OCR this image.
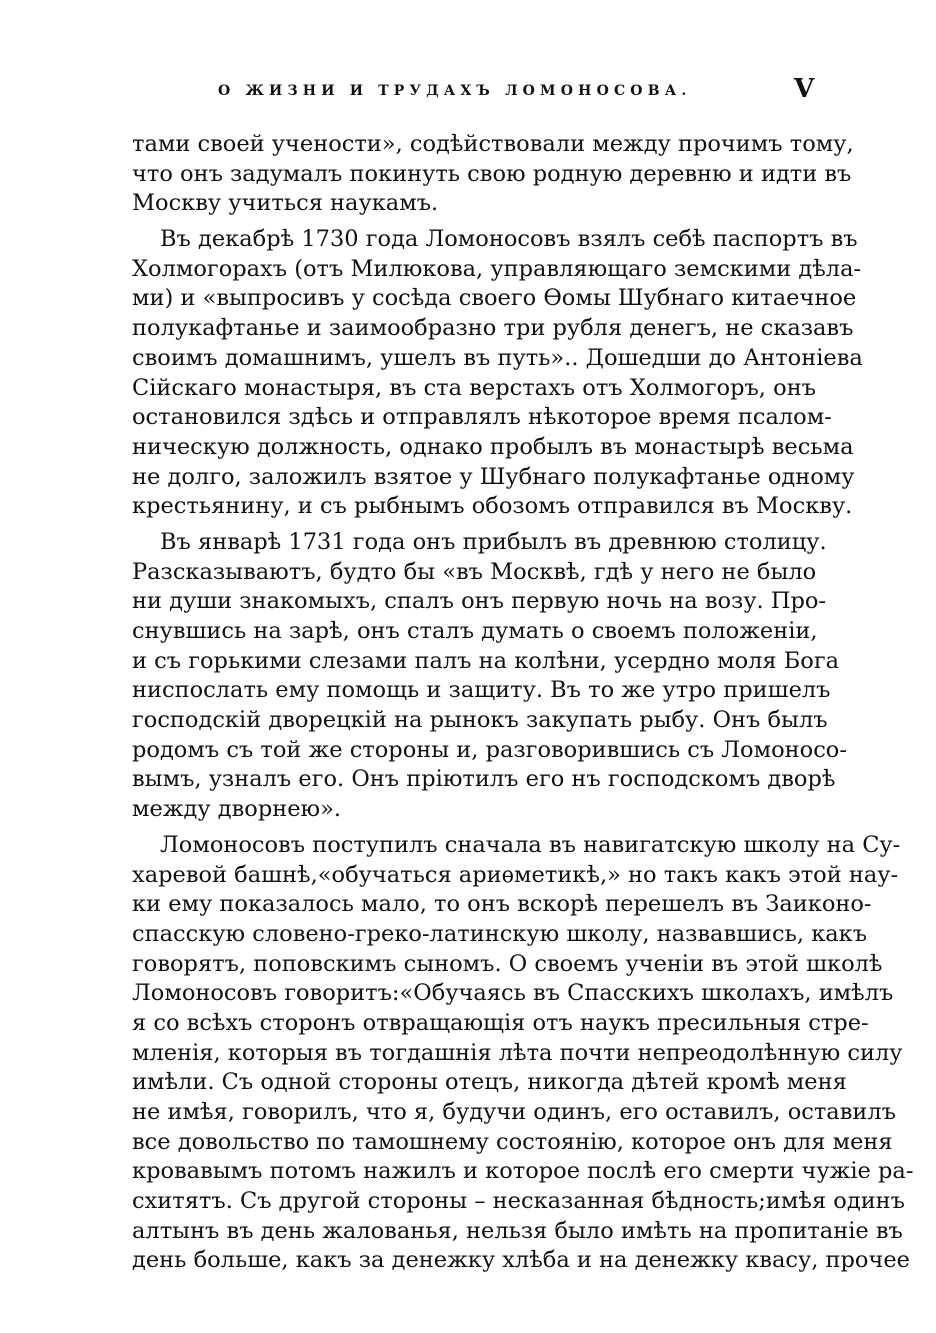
О ЖИЗНИ И ТРУДАХЪ ЛОМОНОСОВА.	V
тами своей учености», содѣйствовали между прочимъ тому,
что онъ задумалъ покинуть свою родную деревню и идти въ
Москву учиться наукамъ.
Въ декабрѣ 1730 года Ломоносовъ взялъ себѣ паспортъ въ
Холмогорахъ (отъ Милюкова, управляющаго земскими дѣла-
ми) и «выпросивъ у сосѣда своего Ѳомы Шубнаго китаечное
полукафтанье и заимообразно три рубля денегъ, не сказавъ
своимъ домашнимъ, ушелъ въ путь».. Дошедши до Антонiева
Сiйскаго монастыря, въ ста верстахъ отъ Холмогоръ, онъ
остановился здѣсь и отправлялъ нѣкоторое время псалом-
ническую должность, однако пробылъ въ монастырѣ весьма
не долго, заложилъ взятое у Шубнаго полукафтанье одному
крестьянину, и съ рыбнымъ обозомъ отправился въ Москву.
Въ январѣ 1731 года онъ прибылъ въ древнюю столицу.
Разсказываютъ, будто бы «въ Москвѣ, гдѣ у него не было
ни души знакомыхъ, спалъ онъ первую ночь на возу. Про-
снувшись на зарѣ, онъ сталъ думать о своемъ положенiи,
и съ горькими слезами палъ на колѣни, усердно моля Бога
ниспослать ему помощь и защиту. Въ то же утро пришелъ
господскiй дворецкiй на рынокъ закупать рыбу. Онъ былъ
родомъ съ той же стороны и, разговорившись съ Ломоносо-
вымъ, узналъ его. Онъ прiютилъ его нъ господскомъ дворѣ
между дворнею».
Ломоносовъ поступилъ сначала въ навигатскую школу на Су-
харевой башнѣ,«обучаться ариѳметикѣ,» но такъ какъ этой нау-
ки ему показалось мало, то онъ вскорѣ перешелъ въ Заиконо-
спасскую словено-греко-латинскую школу, назвавшись, какъ
говорятъ, поповскимъ сыномъ. О своемъ ученiи въ этой школѣ
Ломоносовъ говоритъ:«Обучаясь въ Спасскихъ школахъ, имѣлъ
я со всѣхъ сторонъ отвращающiя отъ наукъ пресильныя стре-
мленiя, которыя въ тогдашнiя лѣта почти непреодолѣнную силу
имѣли. Съ одной стороны отецъ, никогда дѣтей кромѣ меня
не имѣя, говорилъ, что я, будучи одинъ, его оставилъ, оставилъ
все довольство по тамошнему состоянiю, которое онъ для меня
кровавымъ потомъ нажилъ и которое послѣ его смерти чужiе ра-
схитятъ. Съ другой стороны – несказанная бѣдность;имѣя одинъ
алтынъ въ день жалованья, нельзя было имѣть на пропитанiе въ
день больше, какъ за денежку хлѣба и на денежку квасу, прочее
